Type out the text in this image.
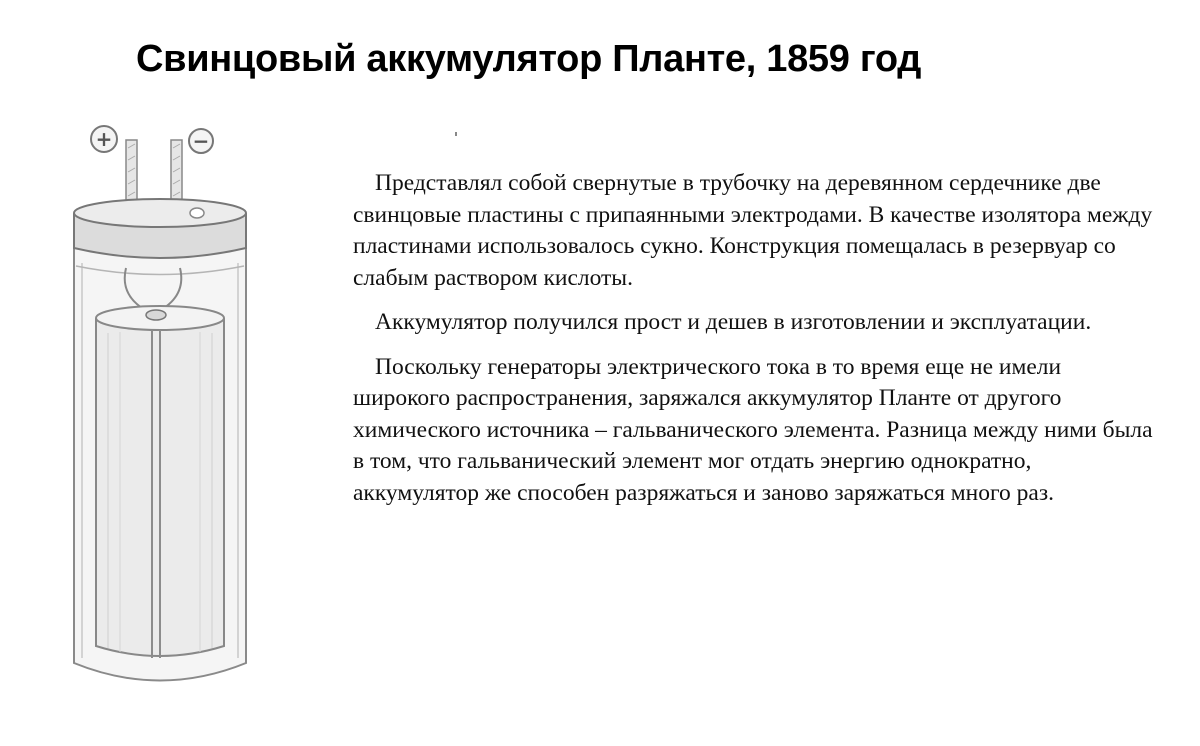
Свинцовый аккумулятор Планте, 1859 год
+	−

Представлял собой свернутые в трубочку на деревянном сердечнике две свинцовые пластины с припаянными электродами. В качестве изолятора между пластинами использовалось сукно. Конструкция помещалась в резервуар со слабым раствором кислоты.

Аккумулятор получился прост и дешев в изготовлении и эксплуатации.

Поскольку генераторы электрического тока в то время еще не имели широкого распространения, заряжался аккумулятор Планте от другого химического источника – гальванического элемента. Разница между ними была в том, что гальванический элемент мог отдать энергию однократно, аккумулятор же способен разряжаться и заново заряжаться много раз.
